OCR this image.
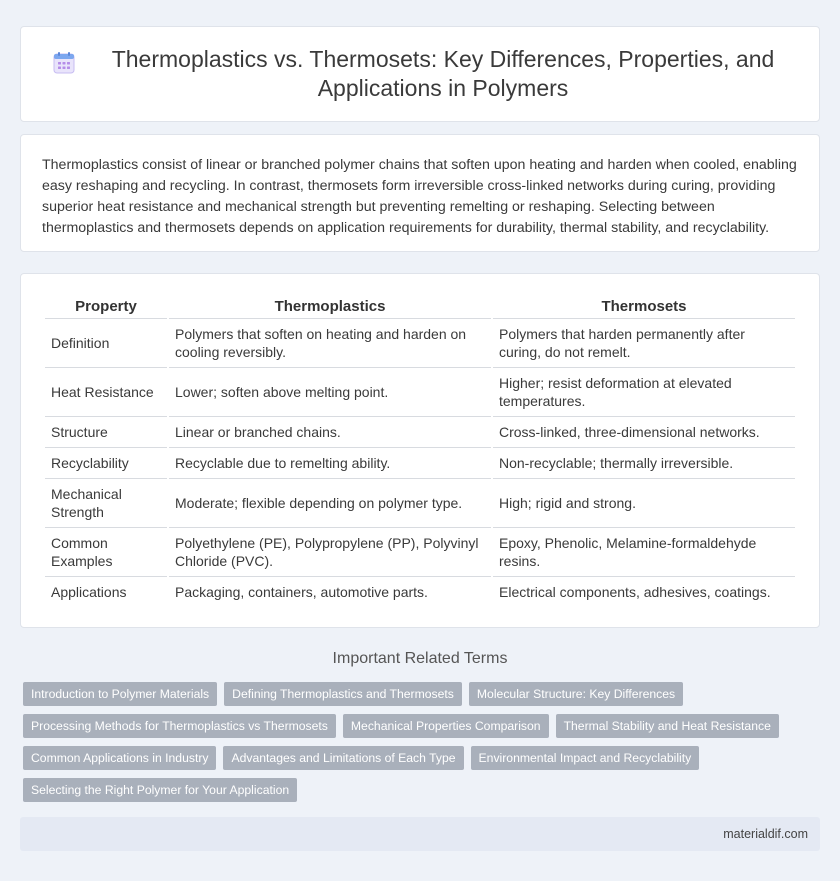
Thermoplastics vs. Thermosets: Key Differences, Properties, and Applications in Polymers

Thermoplastics consist of linear or branched polymer chains that soften upon heating and harden when cooled, enabling easy reshaping and recycling. In contrast, thermosets form irreversible cross-linked networks during curing, providing superior heat resistance and mechanical strength but preventing remelting or reshaping. Selecting between thermoplastics and thermosets depends on application requirements for durability, thermal stability, and recyclability.

Property	Thermoplastics	Thermosets
Definition	Polymers that soften on heating and harden on cooling reversibly.	Polymers that harden permanently after curing, do not remelt.
Heat Resistance	Lower; soften above melting point.	Higher; resist deformation at elevated temperatures.
Structure	Linear or branched chains.	Cross-linked, three-dimensional networks.
Recyclability	Recyclable due to remelting ability.	Non-recyclable; thermally irreversible.
Mechanical Strength	Moderate; flexible depending on polymer type.	High; rigid and strong.
Common Examples	Polyethylene (PE), Polypropylene (PP), Polyvinyl Chloride (PVC).	Epoxy, Phenolic, Melamine-formaldehyde resins.
Applications	Packaging, containers, automotive parts.	Electrical components, adhesives, coatings.
Important Related Terms
Introduction to Polymer Materials	Defining Thermoplastics and Thermosets	Molecular Structure: Key Differences
Processing Methods for Thermoplastics vs Thermosets	Mechanical Properties Comparison	Thermal Stability and Heat Resistance
Common Applications in Industry	Advantages and Limitations of Each Type	Environmental Impact and Recyclability
Selecting the Right Polymer for Your Application
materialdif.com
